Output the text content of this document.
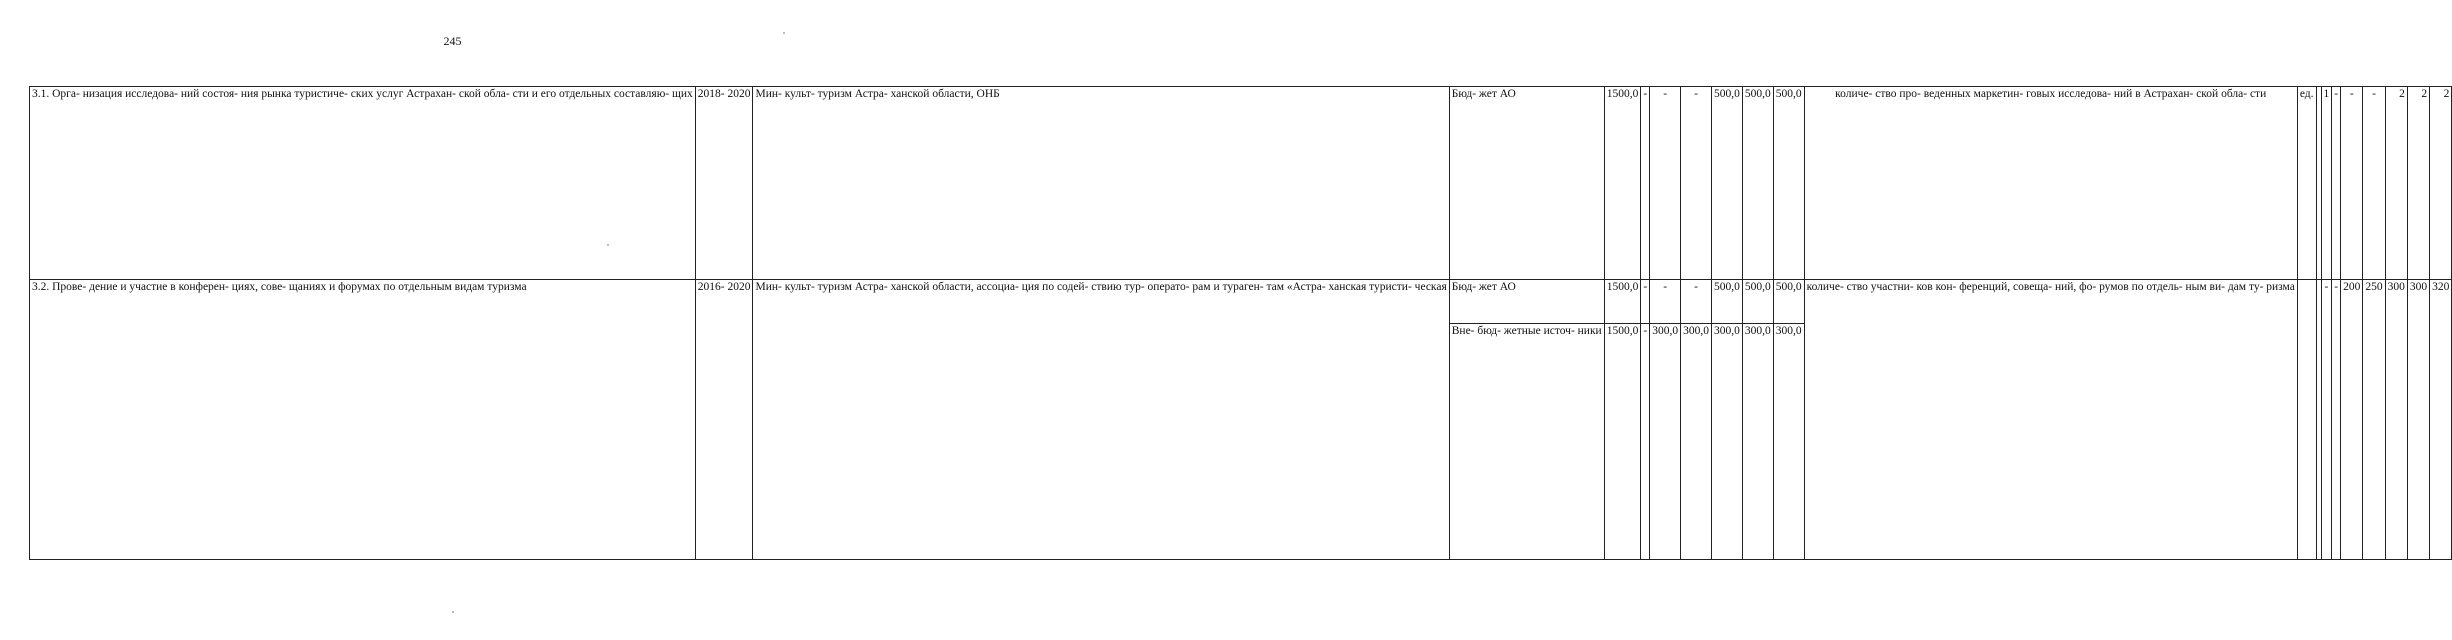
245
3.1. Орга- низация исследова- ний состоя- ния рынка туристиче- ских услуг Астрахан- ской обла- сти и его отдельных составляю- щих	2018- 2020	Мин- культ- туризм Астра- ханской области, ОНБ	Бюд- жет АО	1500,0	-	-	-	500,0	500,0	500,0	количе- ство про- веденных маркетин- говых исследова- ний в Астрахан- ской обла- сти	ед.		1	-	-	-	2	2	2
3.2. Прове- дение и участие в конферен- циях, сове- щаниях и форумах по отдельным видам туризма	2016- 2020	Мин- культ- туризм Астра- ханской области, ассоциа- ция по содей- ствию тур- операто- рам и тураген- там «Астра- ханская туристи- ческая	Бюд- жет АО	1500,0	-	-	-	500,0	500,0	500,0	количе- ство участни- ков кон- ференций, совеща- ний, фо- румов по отдель- ным ви- дам ту- ризма			-	-	200	250	300	300	320
			Вне- бюд- жетные источ- ники	1500,0	-	300,0	300,0	300,0	300,0	300,0										
